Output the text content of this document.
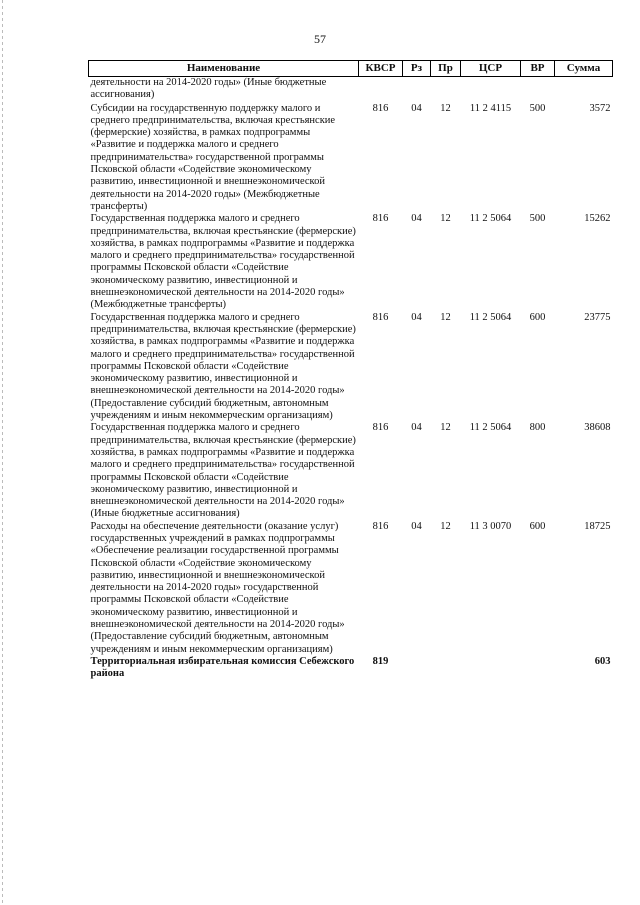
57
Наименование	КВСР	Рз	Пр	ЦСР	ВР	Сумма
деятельности на 2014-2020 годы» (Иные бюджетные ассигнования)						
Субсидии на государственную поддержку малого и среднего предпринимательства, включая крестьянские (фермерские) хозяйства, в рамках подпрограммы «Развитие и поддержка малого и среднего предпринимательства» государственной программы Псковской области «Содействие экономическому развитию, инвестиционной и внешнеэкономической деятельности на 2014-2020 годы» (Межбюджетные трансферты)	816	04	12	11 2 4115	500	3572
Государственная поддержка малого и среднего предпринимательства, включая крестьянские (фермерские) хозяйства, в рамках подпрограммы «Развитие и поддержка малого и среднего предпринимательства» государственной программы Псковской области «Содействие экономическому развитию, инвестиционной и внешнеэкономической деятельности на 2014-2020 годы» (Межбюджетные трансферты)	816	04	12	11 2 5064	500	15262
Государственная поддержка малого и среднего предпринимательства, включая крестьянские (фермерские) хозяйства, в рамках подпрограммы «Развитие и поддержка малого и среднего предпринимательства» государственной программы Псковской области «Содействие экономическому развитию, инвестиционной и внешнеэкономической деятельности на 2014-2020 годы» (Предоставление субсидий бюджетным, автономным учреждениям и иным некоммерческим организациям)	816	04	12	11 2 5064	600	23775
Государственная поддержка малого и среднего предпринимательства, включая крестьянские (фермерские) хозяйства, в рамках подпрограммы «Развитие и поддержка малого и среднего предпринимательства» государственной программы Псковской области «Содействие экономическому развитию, инвестиционной и внешнеэкономической деятельности на 2014-2020 годы» (Иные бюджетные ассигнования)	816	04	12	11 2 5064	800	38608
Расходы на обеспечение деятельности (оказание услуг) государственных учреждений в рамках подпрограммы «Обеспечение реализации государственной программы Псковской области «Содействие экономическому развитию, инвестиционной и внешнеэкономической деятельности на 2014-2020 годы» государственной программы Псковской области «Содействие экономическому развитию, инвестиционной и внешнеэкономической деятельности на 2014-2020 годы» (Предоставление субсидий бюджетным, автономным учреждениям и иным некоммерческим организациям)	816	04	12	11 3 0070	600	18725
Территориальная избирательная комиссия Себежского района	819					603
